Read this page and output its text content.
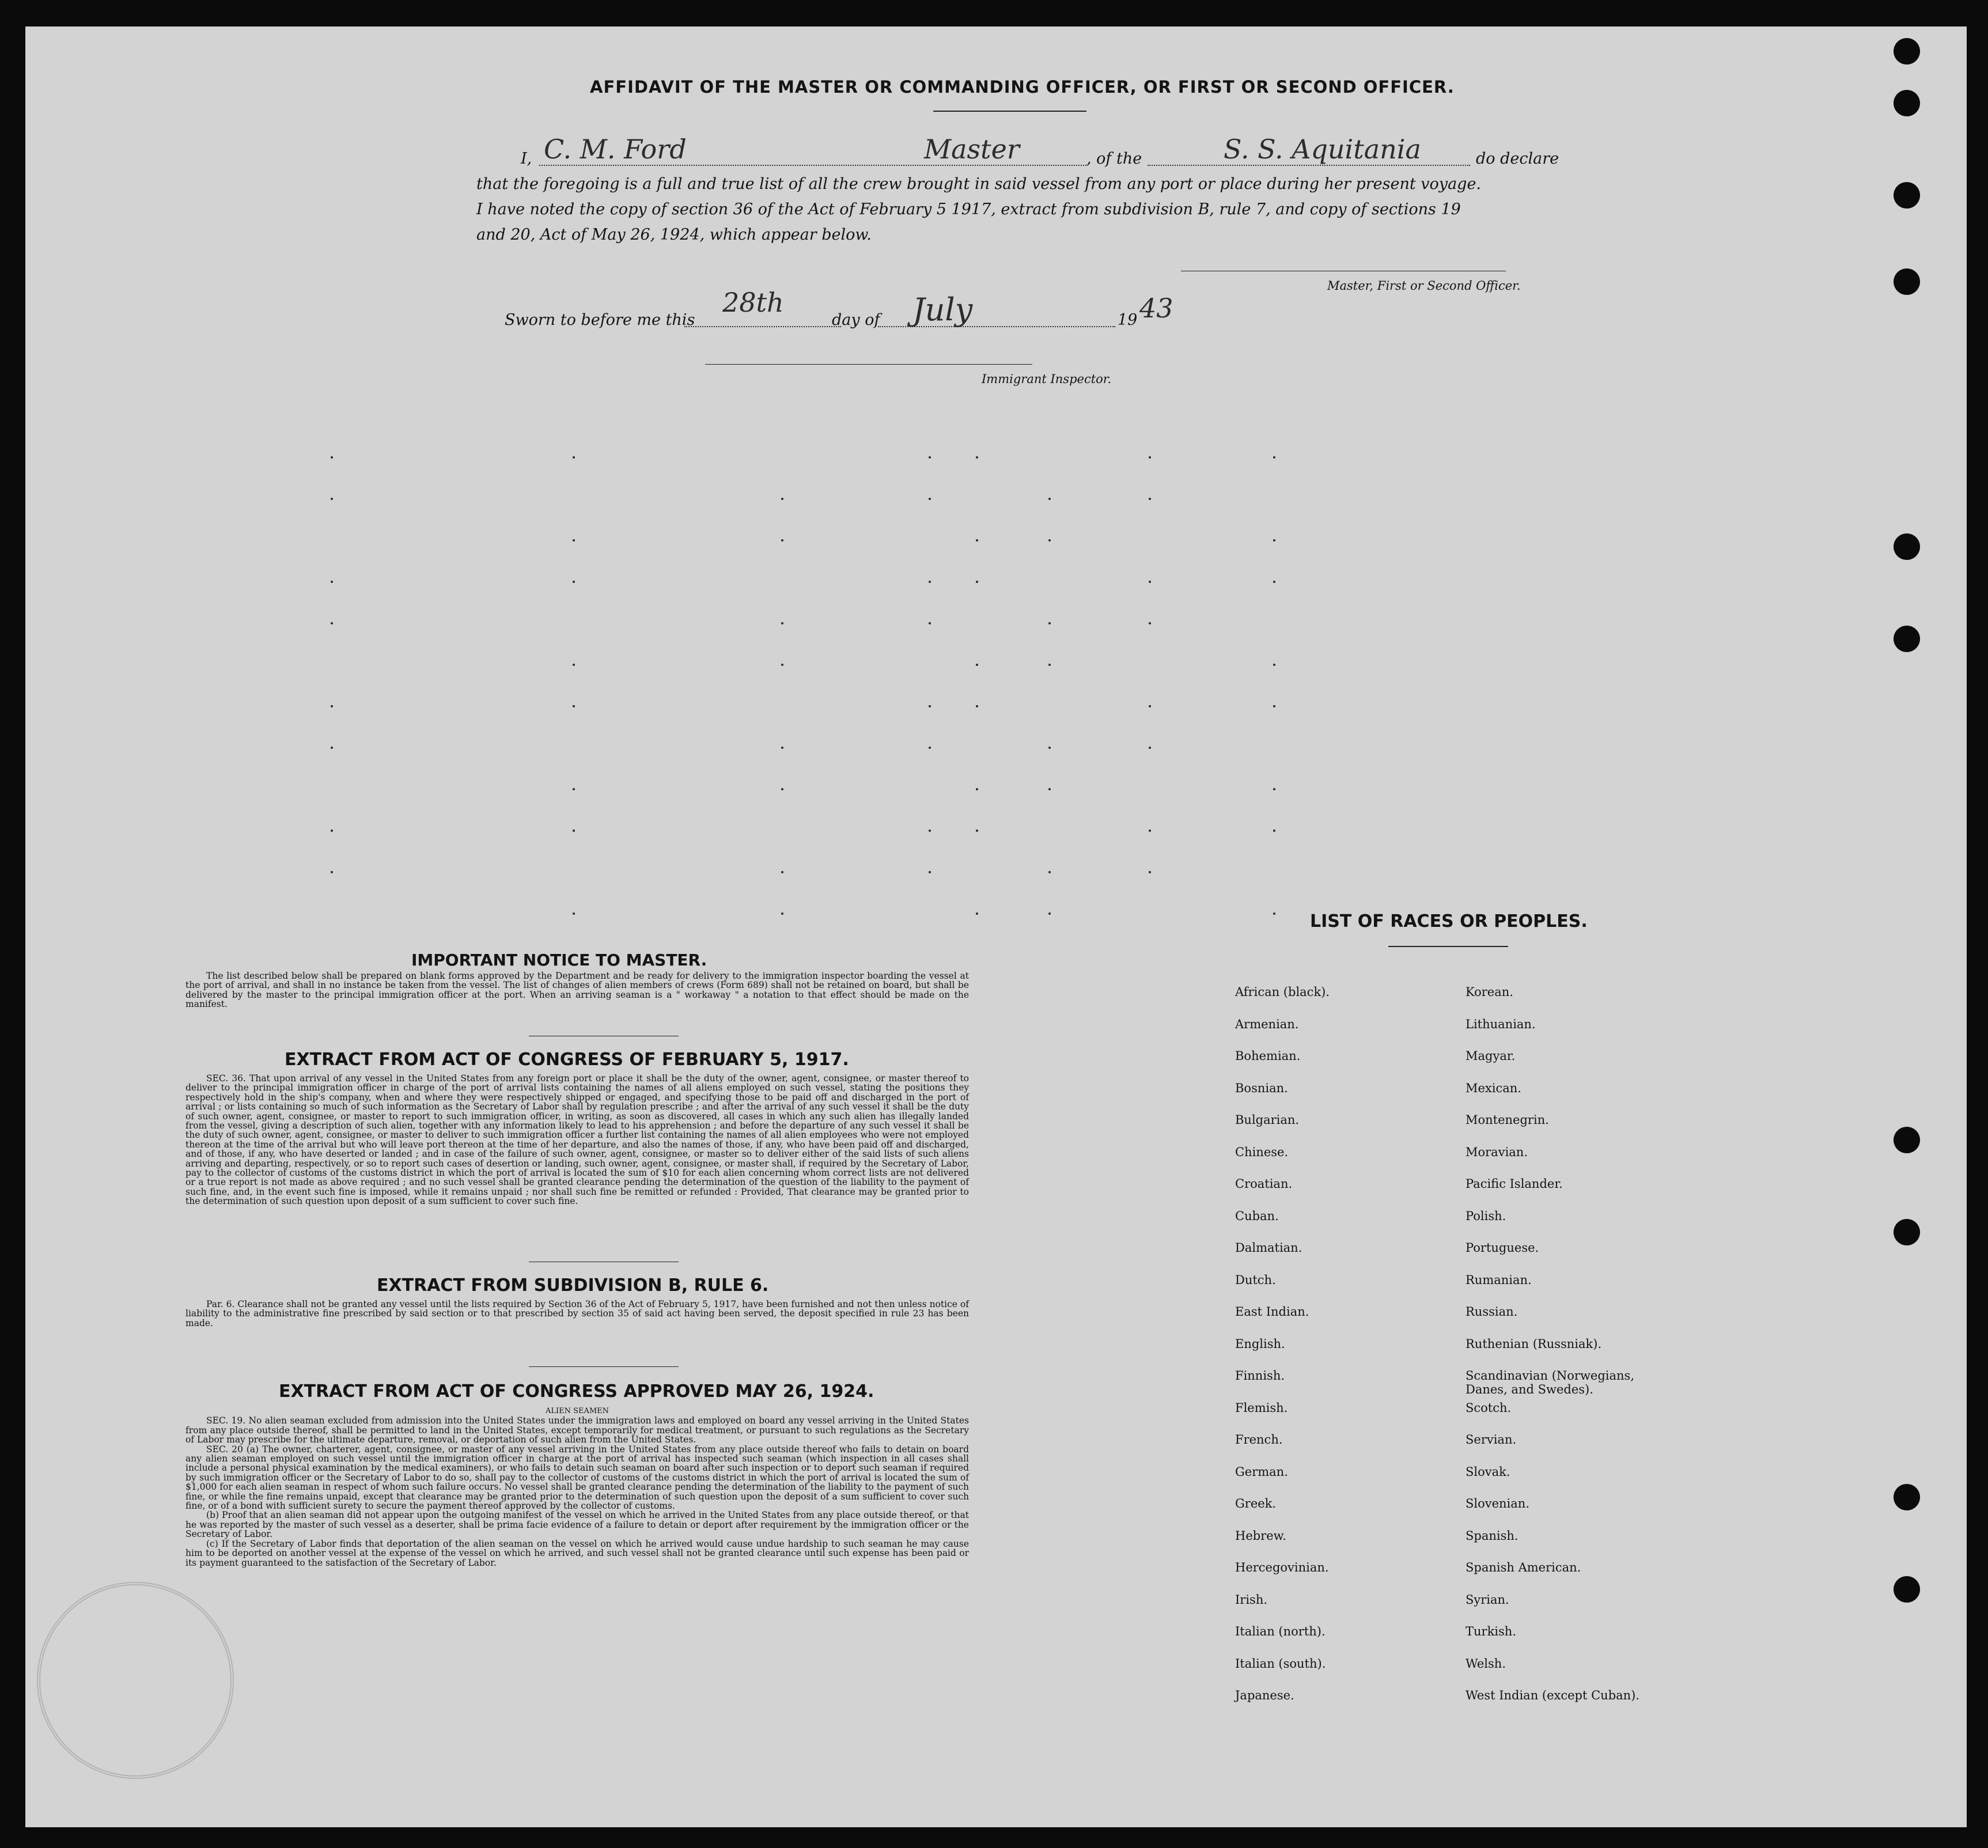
AFFIDAVIT OF THE MASTER OR COMMANDING OFFICER, OR FIRST OR SECOND OFFICER.
I, C. M. Ford	Master	, of the	S. S. Aquitania	do declare
that the foregoing is a full and true list of all the crew brought in said vessel from any port or place during her present voyage.
I have noted the copy of section 36 of the Act of February 5 1917, extract from subdivision B, rule 7, and copy of sections 19
and 20, Act of May 26, 1924, which appear below.
Master, First or Second Officer.
Sworn to before me this
28th
day of July	19 43
Immigrant Inspector.
IMPORTANT NOTICE TO MASTER.

The list described below shall be prepared on blank forms approved by the Department and be ready for delivery to the immigration inspector boarding the vessel at the port of arrival, and shall in no instance be taken from the vessel. The list of changes of alien members of crews (Form 689) shall not be retained on board, but shall be delivered by the master to the principal immigration officer at the port. When an arriving seaman is a " workaway " a notation to that effect should be made on the manifest.

EXTRACT FROM ACT OF CONGRESS OF FEBRUARY 5, 1917.

SEC. 36. That upon arrival of any vessel in the United States from any foreign port or place it shall be the duty of the owner, agent, consignee, or master thereof to deliver to the principal immigration officer in charge of the port of arrival lists containing the names of all aliens employed on such vessel, stating the positions they respectively hold in the ship's company, when and where they were respectively shipped or engaged, and specifying those to be paid off and discharged in the port of arrival ; or lists containing so much of such information as the Secretary of Labor shall by regulation prescribe ; and after the arrival of any such vessel it shall be the duty of such owner, agent, consignee, or master to report to such immigration officer, in writing, as soon as discovered, all cases in which any such alien has illegally landed from the vessel, giving a description of such alien, together with any information likely to lead to his apprehension ; and before the departure of any such vessel it shall be the duty of such owner, agent, consignee, or master to deliver to such immigration officer a further list containing the names of all alien employees who were not employed thereon at the time of the arrival but who will leave port thereon at the time of her departure, and also the names of those, if any, who have been paid off and discharged, and of those, if any, who have deserted or landed ; and in case of the failure of such owner, agent, consignee, or master so to deliver either of the said lists of such aliens arriving and departing, respectively, or so to report such cases of desertion or landing, such owner, agent, consignee, or master shall, if required by the Secretary of Labor, pay to the collector of customs of the customs district in which the port of arrival is located the sum of $10 for each alien concerning whom correct lists are not delivered or a true report is not made as above required ; and no such vessel shall be granted clearance pending the determination of the question of the liability to the payment of such fine, and, in the event such fine is imposed, while it remains unpaid ; nor shall such fine be remitted or refunded : Provided, That clearance may be granted prior to the determination of such question upon deposit of a sum sufficient to cover such fine.

EXTRACT FROM SUBDIVISION B, RULE 6.

Par. 6. Clearance shall not be granted any vessel until the lists required by Section 36 of the Act of February 5, 1917, have been furnished and not then unless notice of liability to the administrative fine prescribed by said section or to that prescribed by section 35 of said act having been served, the deposit specified in rule 23 has been made.

EXTRACT FROM ACT OF CONGRESS APPROVED MAY 26, 1924.

ALIEN SEAMEN

SEC. 19. No alien seaman excluded from admission into the United States under the immigration laws and employed on board any vessel arriving in the United States from any place outside thereof, shall be permitted to land in the United States, except temporarily for medical treatment, or pursuant to such regulations as the Secretary of Labor may prescribe for the ultimate departure, removal, or deportation of such alien from the United States.

SEC. 20 (a) The owner, charterer, agent, consignee, or master of any vessel arriving in the United States from any place outside thereof who fails to detain on board any alien seaman employed on such vessel until the immigration officer in charge at the port of arrival has inspected such seaman (which inspection in all cases shall include a personal physical examination by the medical examiners), or who fails to detain such seaman on board after such inspection or to deport such seaman if required by such immigration officer or the Secretary of Labor to do so, shall pay to the collector of customs of the customs district in which the port of arrival is located the sum of $1,000 for each alien seaman in respect of whom such failure occurs. No vessel shall be granted clearance pending the determination of the liability to the payment of such fine, or while the fine remains unpaid, except that clearance may be granted prior to the determination of such question upon the deposit of a sum sufficient to cover such fine, or of a bond with sufficient surety to secure the payment thereof approved by the collector of customs.

(b) Proof that an alien seaman did not appear upon the outgoing manifest of the vessel on which he arrived in the United States from any place outside thereof, or that he was reported by the master of such vessel as a deserter, shall be prima facie evidence of a failure to detain or deport after requirement by the immigration officer or the Secretary of Labor.

(c) If the Secretary of Labor finds that deportation of the alien seaman on the vessel on which he arrived would cause undue hardship to such seaman he may cause him to be deported on another vessel at the expense of the vessel on which he arrived, and such vessel shall not be granted clearance until such expense has been paid or its payment guaranteed to the satisfaction of the Secretary of Labor.

LIST OF RACES OR PEOPLES.
African (black).
Armenian.
Bohemian.
Bosnian.
Bulgarian.
Chinese.
Croatian.
Cuban.
Dalmatian.
Dutch.
East Indian.
English.
Finnish.
Flemish.
French.
German.
Greek.
Hebrew.
Hercegovinian.
Irish.
Italian (north).
Italian (south).
Japanese.
Korean.
Lithuanian.
Magyar.
Mexican.
Montenegrin.
Moravian.
Pacific Islander.
Polish.
Portuguese.
Rumanian.
Russian.
Ruthenian (Russniak).
Scandinavian (Norwegians, Danes, and Swedes).
Scotch.
Servian.
Slovak.
Slovenian.
Spanish.
Spanish American.
Syrian.
Turkish.
Welsh.
West Indian (except Cuban).
